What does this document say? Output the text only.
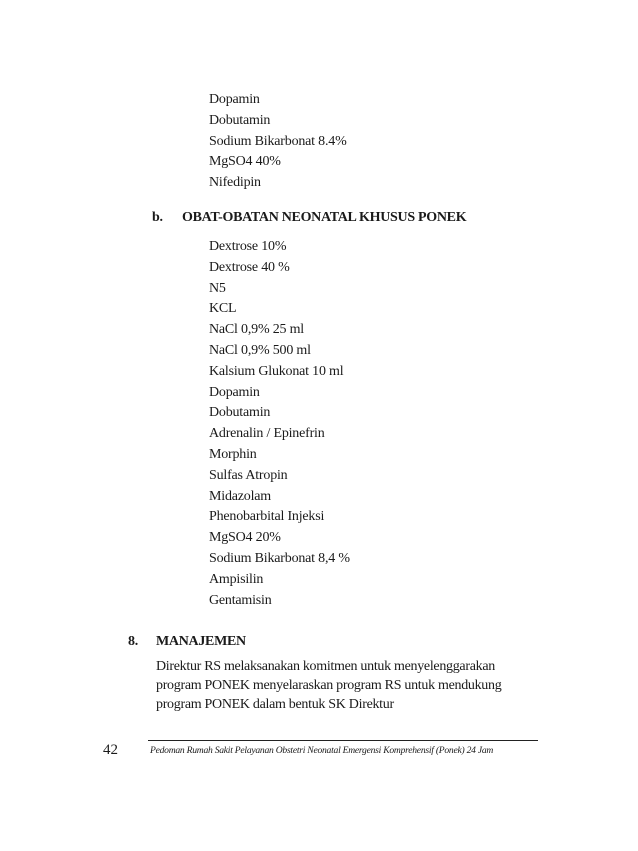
Dopamin
Dobutamin
Sodium Bikarbonat 8.4%
MgSO4 40%
Nifedipin
b. OBAT-OBATAN NEONATAL KHUSUS PONEK
Dextrose 10%
Dextrose 40 %
N5
KCL
NaCl 0,9% 25 ml
NaCl 0,9% 500 ml
Kalsium Glukonat 10 ml
Dopamin
Dobutamin
Adrenalin / Epinefrin
Morphin
Sulfas Atropin
Midazolam
Phenobarbital Injeksi
MgSO4 20%
Sodium Bikarbonat 8,4 %
Ampisilin
Gentamisin
8. MANAJEMEN

Direktur RS melaksanakan komitmen untuk menyelenggarakan
program PONEK menyelaraskan program RS untuk mendukung
program PONEK dalam bentuk SK Direktur

42	Pedoman Rumah Sakit Pelayanan Obstetri Neonatal Emergensi Komprehensif (Ponek) 24 Jam
